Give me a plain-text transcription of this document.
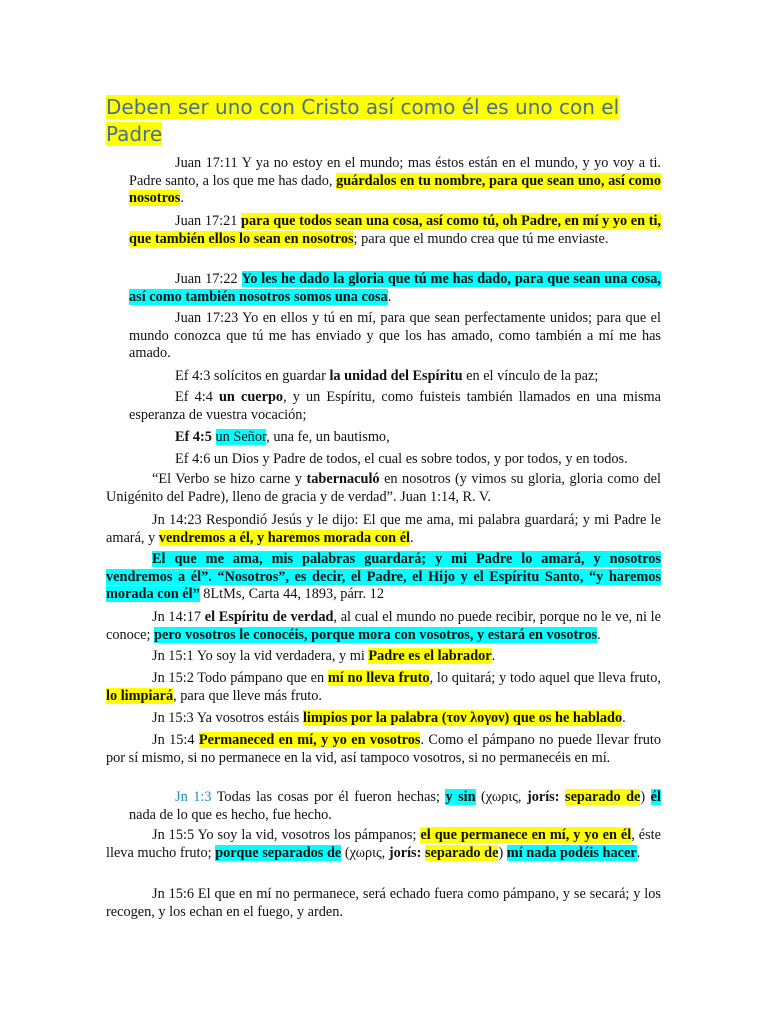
Deben ser uno con Cristo así como él es uno con el
Padre

Juan 17:11 Y ya no estoy en el mundo; mas éstos están en el mundo, y yo voy a ti. Padre santo, a los que me has dado, guárdalos en tu nombre, para que sean uno, así como nosotros.

Juan 17:21 para que todos sean una cosa, así como tú, oh Padre, en mí y yo en ti, que también ellos lo sean en nosotros; para que el mundo crea que tú me enviaste.

Juan 17:22 Yo les he dado la gloria que tú me has dado, para que sean una cosa, así como también nosotros somos una cosa.

Juan 17:23 Yo en ellos y tú en mí, para que sean perfectamente unidos; para que el mundo conozca que tú me has enviado y que los has amado, como también a mí me has amado.

Ef 4:3 solícitos en guardar la unidad del Espíritu en el vínculo de la paz;

Ef 4:4 un cuerpo, y un Espíritu, como fuisteis también llamados en una misma esperanza de vuestra vocación;

Ef 4:5 un Señor, una fe, un bautismo,

Ef 4:6 un Dios y Padre de todos, el cual es sobre todos, y por todos, y en todos.

“El Verbo se hizo carne y tabernaculó en nosotros (y vimos su gloria, gloria como del Unigénito del Padre), lleno de gracia y de verdad”. Juan 1:14, R. V.

Jn 14:23 Respondió Jesús y le dijo: El que me ama, mi palabra guardará; y mi Padre le amará, y vendremos a él, y haremos morada con él.

El que me ama, mis palabras guardará; y mi Padre lo amará, y nosotros vendremos a él”. “Nosotros”, es decir, el Padre, el Hijo y el Espíritu Santo, “y haremos morada con él” 8LtMs, Carta 44, 1893, párr. 12

Jn 14:17 el Espíritu de verdad, al cual el mundo no puede recibir, porque no le ve, ni le conoce; pero vosotros le conocéis, porque mora con vosotros, y estará en vosotros.

Jn 15:1 Yo soy la vid verdadera, y mi Padre es el labrador.

Jn 15:2 Todo pámpano que en mí no lleva fruto, lo quitará; y todo aquel que lleva fruto, lo limpiará, para que lleve más fruto.

Jn 15:3 Ya vosotros estáis limpios por la palabra (τον λογον) que os he hablado.

Jn 15:4 Permaneced en mí, y yo en vosotros. Como el pámpano no puede llevar fruto por sí mismo, si no permanece en la vid, así tampoco vosotros, si no permanecéis en mí.

Jn 1:3 Todas las cosas por él fueron hechas; y sin (χωρις, jorís: separado de) él nada de lo que es hecho, fue hecho.

Jn 15:5 Yo soy la vid, vosotros los pámpanos; el que permanece en mí, y yo en él, éste lleva mucho fruto; porque separados de (χωρις, jorís: separado de) mí nada podéis hacer.

Jn 15:6 El que en mí no permanece, será echado fuera como pámpano, y se secará; y los recogen, y los echan en el fuego, y arden.
